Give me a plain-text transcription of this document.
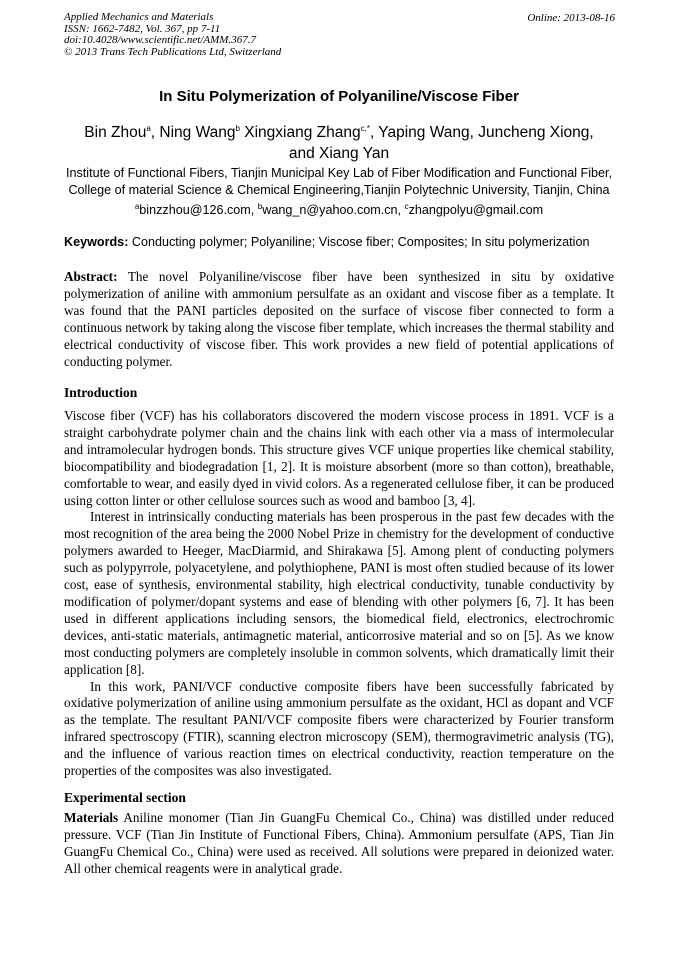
Applied Mechanics and Materials
ISSN: 1662-7482, Vol. 367, pp 7-11
doi:10.4028/www.scientific.net/AMM.367.7
© 2013 Trans Tech Publications Ltd, Switzerland
Online: 2013-08-16
In Situ Polymerization of Polyaniline/Viscose Fiber
Bin Zhou$^a$, Ning Wang$^b$ Xingxiang Zhang$^{c,*}$, Yaping Wang, Juncheng Xiong,
and Xiang Yan
Institute of Functional Fibers, Tianjin Municipal Key Lab of Fiber Modification and Functional Fiber,
College of material Science & Chemical Engineering,Tianjin Polytechnic University, Tianjin, China
$^a$binzzhou@126.com, $^b$wang_n@yahoo.com.cn, $^c$zhangpolyu@gmail.com
Keywords: Conducting polymer; Polyaniline; Viscose fiber; Composites; In situ polymerization

Abstract: The novel Polyaniline/viscose fiber have been synthesized in situ by oxidative polymerization of aniline with ammonium persulfate as an oxidant and viscose fiber as a template. It was found that the PANI particles deposited on the surface of viscose fiber connected to form a continuous network by taking along the viscose fiber template, which increases the thermal stability and electrical conductivity of viscose fiber. This work provides a new field of potential applications of conducting polymer.

Introduction

Viscose fiber (VCF) has his collaborators discovered the modern viscose process in 1891. VCF is a straight carbohydrate polymer chain and the chains link with each other via a mass of intermolecular and intramolecular hydrogen bonds. This structure gives VCF unique properties like chemical stability, biocompatibility and biodegradation [1, 2]. It is moisture absorbent (more so than cotton), breathable, comfortable to wear, and easily dyed in vivid colors. As a regenerated cellulose fiber, it can be produced using cotton linter or other cellulose sources such as wood and bamboo [3, 4].

Interest in intrinsically conducting materials has been prosperous in the past few decades with the most recognition of the area being the 2000 Nobel Prize in chemistry for the development of conductive polymers awarded to Heeger, MacDiarmid, and Shirakawa [5]. Among plent of conducting polymers such as polypyrrole, polyacetylene, and polythiophene, PANI is most often studied because of its lower cost, ease of synthesis, environmental stability, high electrical conductivity, tunable conductivity by modification of polymer/dopant systems and ease of blending with other polymers [6, 7]. It has been used in different applications including sensors, the biomedical field, electronics, electrochromic devices, anti-static materials, antimagnetic material, anticorrosive material and so on [5]. As we know most conducting polymers are completely insoluble in common solvents, which dramatically limit their application [8].

In this work, PANI/VCF conductive composite fibers have been successfully fabricated by oxidative polymerization of aniline using ammonium persulfate as the oxidant, HCl as dopant and VCF as the template. The resultant PANI/VCF composite fibers were characterized by Fourier transform infrared spectroscopy (FTIR), scanning electron microscopy (SEM), thermogravimetric analysis (TG), and the influence of various reaction times on electrical conductivity, reaction temperature on the properties of the composites was also investigated.

Experimental section

Materials Aniline monomer (Tian Jin GuangFu Chemical Co., China) was distilled under reduced pressure. VCF (Tian Jin Institute of Functional Fibers, China). Ammonium persulfate (APS, Tian Jin GuangFu Chemical Co., China) were used as received. All solutions were prepared in deionized water. All other chemical reagents were in analytical grade.
